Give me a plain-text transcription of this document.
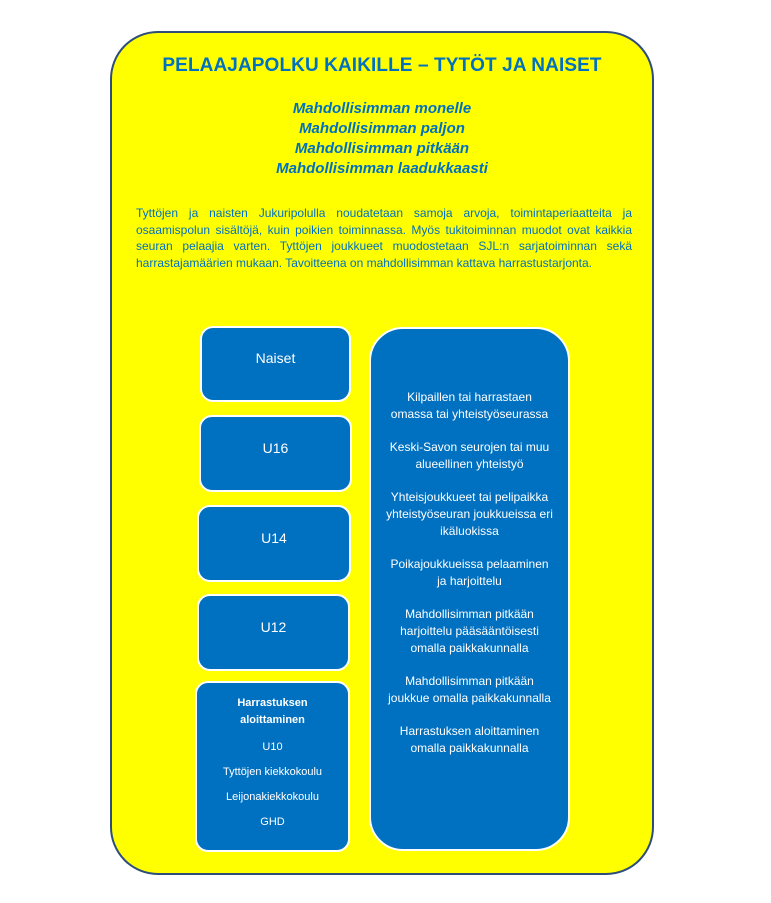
PELAAJAPOLKU KAIKILLE – TYTÖT JA NAISET
Mahdollisimman monelle
Mahdollisimman paljon
Mahdollisimman pitkään
Mahdollisimman laadukkaasti
Tyttöjen ja naisten Jukuripolulla noudatetaan samoja arvoja, toimintaperiaatteita ja osaamispolun sisältöjä, kuin poikien toiminnassa. Myös tukitoiminnan muodot ovat kaikkia seuran pelaajia varten. Tyttöjen joukkueet muodostetaan SJL:n sarjatoiminnan sekä harrastajamäärien mukaan. Tavoitteena on mahdollisimman kattava harrastustarjonta.
Naiset
U16
U14
U12
Harrastuksen
aloittaminen
U10
Tyttöjen kiekkokoulu
Leijonakiekkokoulu
GHD
Kilpaillen tai harrastaen omassa tai yhteistyöseurassa
Keski-Savon seurojen tai muu alueellinen yhteistyö
Yhteisjoukkueet tai pelipaikka yhteistyöseuran joukkueissa eri ikäluokissa
Poikajoukkueissa pelaaminen ja harjoittelu
Mahdollisimman pitkään harjoittelu pääsääntöisesti omalla paikkakunnalla
Mahdollisimman pitkään joukkue omalla paikkakunnalla
Harrastuksen aloittaminen omalla paikkakunnalla
